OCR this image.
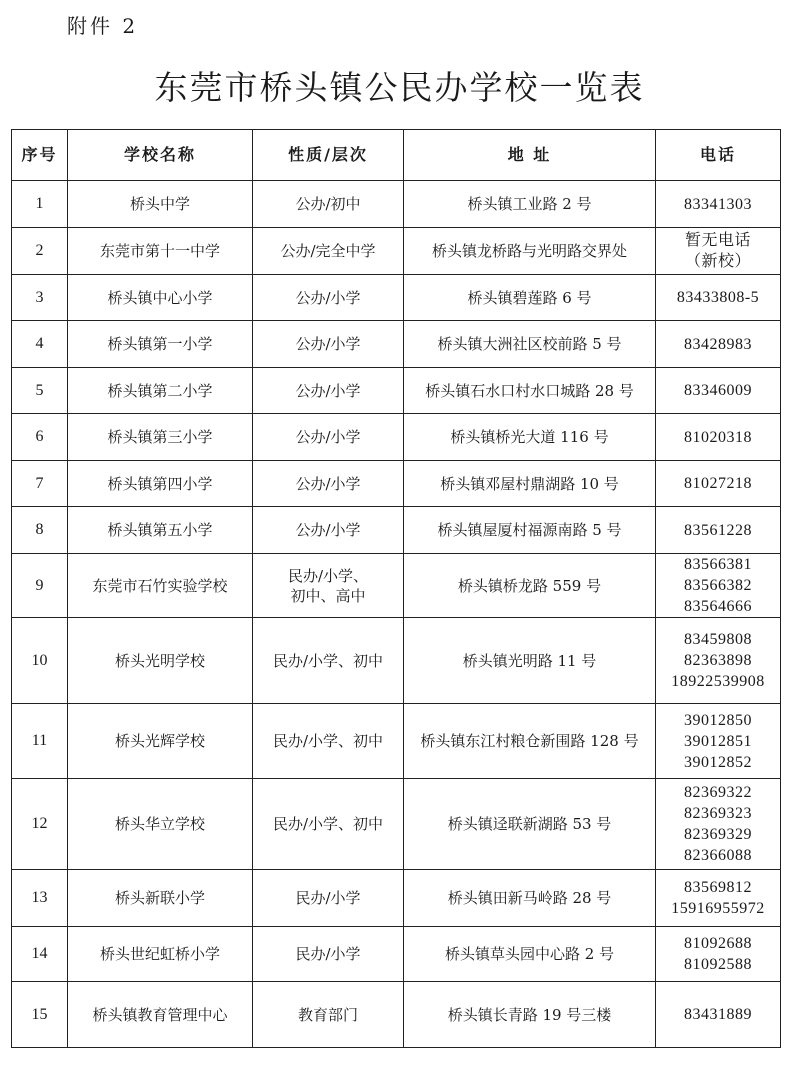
附件 2
东莞市桥头镇公民办学校一览表
序号	学校名称	性质/层次	地 址	电话
1	桥头中学	公办/初中	桥头镇工业路 2 号	83341303

2	东莞市第十一中学	公办/完全中学	桥头镇龙桥路与光明路交界处	暂无电话
（新校）

3	桥头镇中心小学	公办/小学	桥头镇碧莲路 6 号	83433808-5

4	桥头镇第一小学	公办/小学	桥头镇大洲社区校前路 5 号	83428983

5	桥头镇第二小学	公办/小学	桥头镇石水口村水口城路 28 号	83346009

6	桥头镇第三小学	公办/小学	桥头镇桥光大道 116 号	81020318

7	桥头镇第四小学	公办/小学	桥头镇邓屋村鼎湖路 10 号	81027218

8	桥头镇第五小学	公办/小学	桥头镇屋厦村福源南路 5 号	83561228

9	东莞市石竹实验学校	民办/小学、
初中、高中	桥头镇桥龙路 559 号	83566381
83566382
83564666

10	桥头光明学校	民办/小学、初中	桥头镇光明路 11 号	83459808
82363898
18922539908

11	桥头光辉学校	民办/小学、初中	桥头镇东江村粮仓新围路 128 号	39012850
39012851
39012852

12	桥头华立学校	民办/小学、初中	桥头镇迳联新湖路 53 号	82369322
82369323
82369329
82366088

13	桥头新联小学	民办/小学	桥头镇田新马岭路 28 号	83569812
15916955972

14	桥头世纪虹桥小学	民办/小学	桥头镇草头园中心路 2 号	81092688
81092588

15	桥头镇教育管理中心	教育部门	桥头镇长青路 19 号三楼	83431889
